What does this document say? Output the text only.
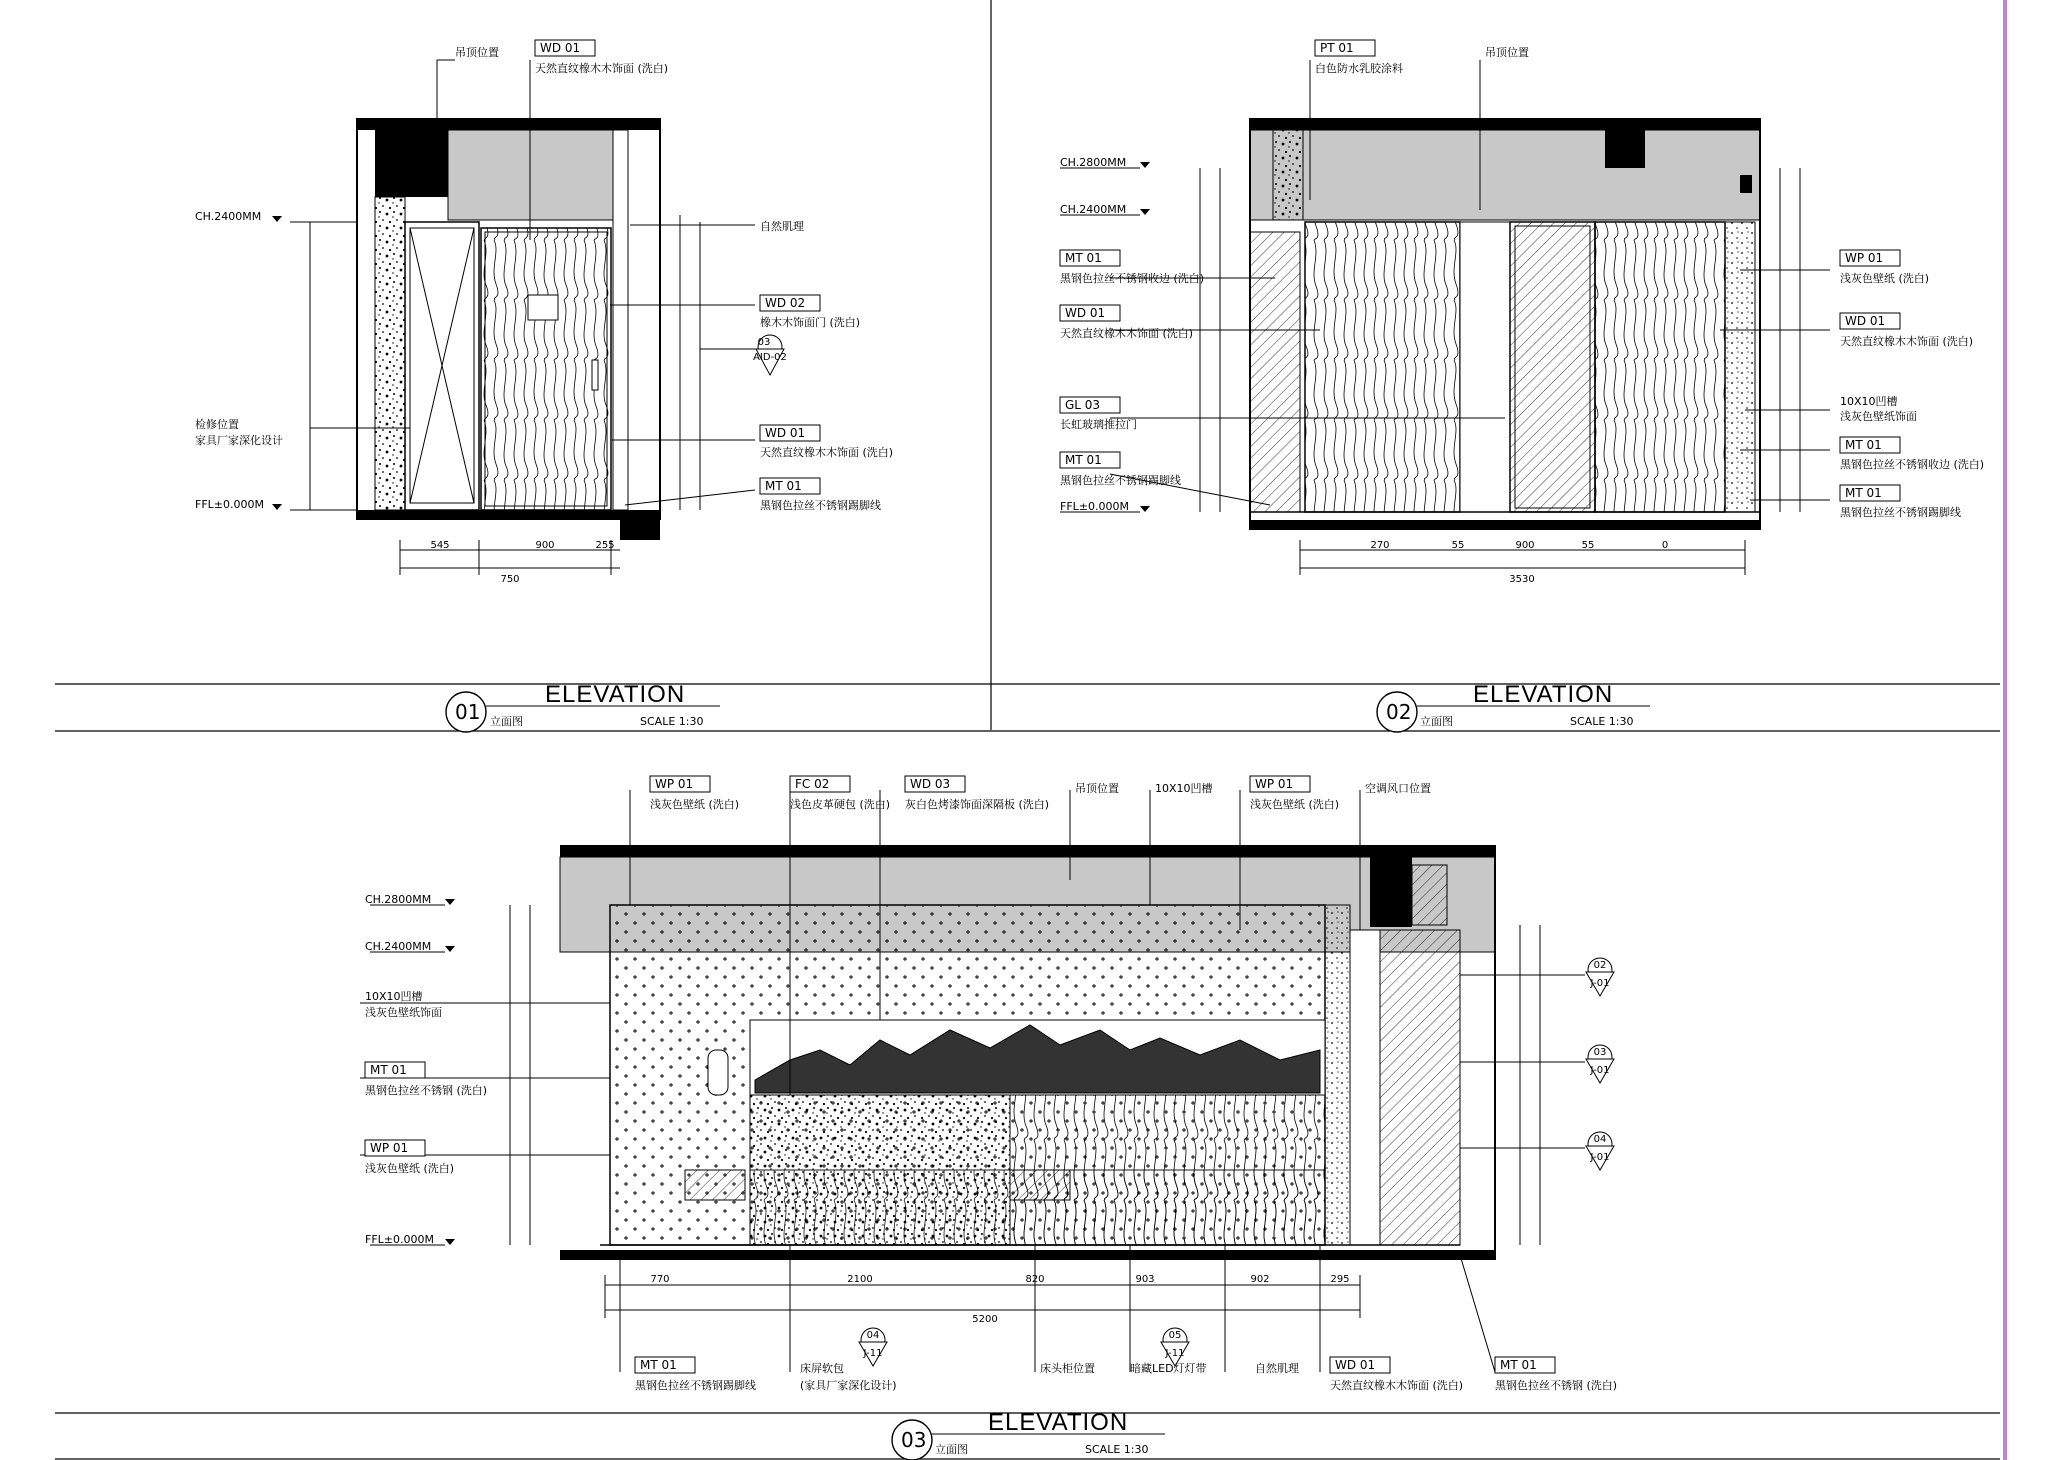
ELEVATION
01 立面图	SCALE 1:30
CH.2400MM
FFL±0.000M
检修位置
家具厂家深化设计
吊顶位置	WD 01
天然直纹橡木木饰面 (洗白)
自然肌理
WD 02
橡木木饰面门 (洗白)
WD 01
天然直纹橡木木饰面 (洗白)
MT 01
黑钢色拉丝不锈钢踢脚线
03
AID-02
545	900	255
750
ELEVATION
02 立面图	SCALE 1:30
CH.2800MM
CH.2400MM
FFL±0.000M
PT 01
白色防水乳胶涂料
吊顶位置
MT 01
黑钢色拉丝不锈钢收边 (洗白)
WD 01
天然直纹橡木木饰面 (洗白)
GL 03
长虹玻璃推拉门
MT 01
黑钢色拉丝不锈钢踢脚线
WP 01
浅灰色壁纸 (洗白)
WD 01
天然直纹橡木木饰面 (洗白)
10X10凹槽
浅灰色壁纸饰面
MT 01
黑钢色拉丝不锈钢收边 (洗白)
MT 01
黑钢色拉丝不锈钢踢脚线
270	55	900	55	0
3530
ELEVATION
03 立面图	SCALE 1:30
CH.2800MM
CH.2400MM
FFL±0.000M
10X10凹槽
浅灰色壁纸饰面
MT 01
黑钢色拉丝不锈钢 (洗白)
WP 01
浅灰色壁纸 (洗白)
WP 01
浅灰色壁纸 (洗白)
FC 02
浅色皮革硬包 (洗白)
WD 03
灰白色烤漆饰面深隔板 (洗白)
吊顶位置	10X10凹槽	WP 01
浅灰色壁纸 (洗白)
空调风口位置
MT 01
黑钢色拉丝不锈钢踢脚线
床屏软包
(家具厂家深化设计)
床头柜位置	暗藏LED灯灯带	自然肌理	WD 01
天然直纹橡木木饰面 (洗白)
MT 01
黑钢色拉丝不锈钢 (洗白)
04
J-11
05
J-11
02
J-01
03
J-01
04
J-01
770	2100	820	903	902	295
5200
